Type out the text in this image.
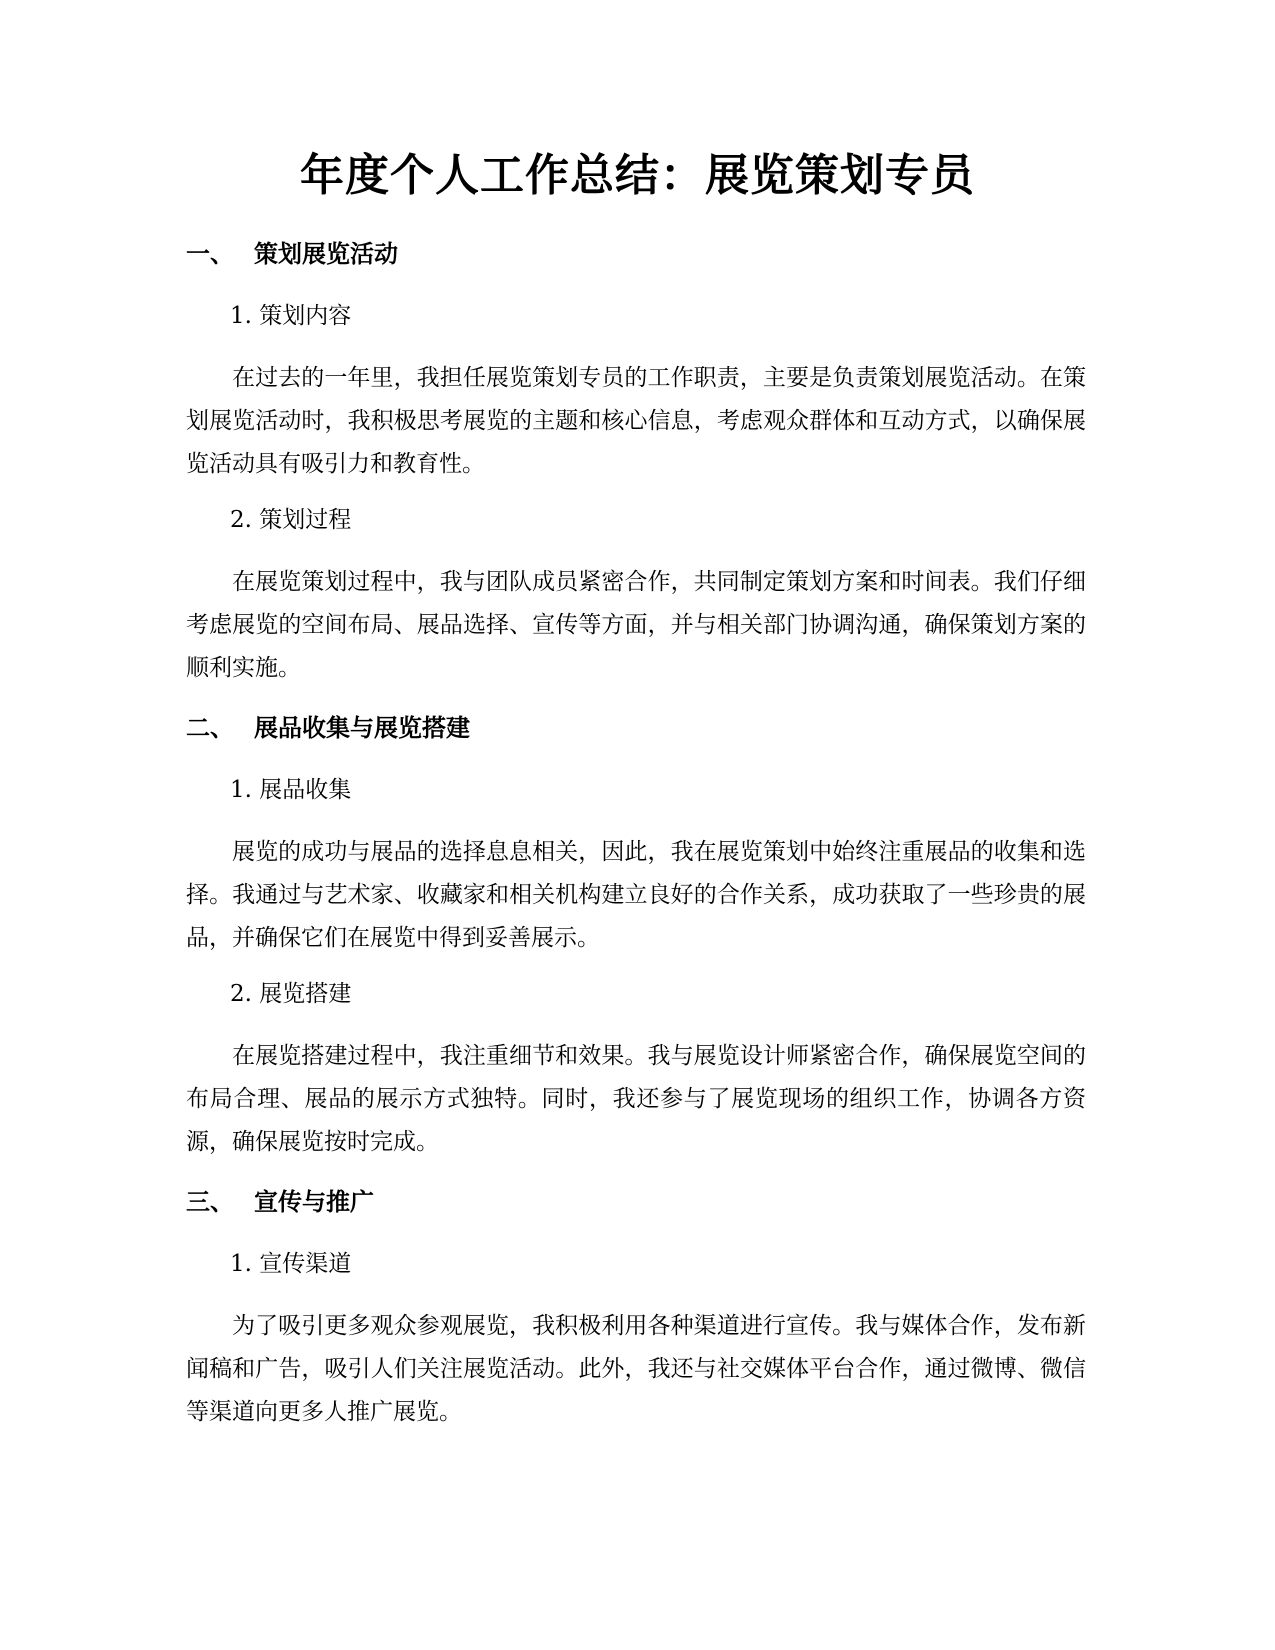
年度个人工作总结：展览策划专员
一、 策划展览活动
1. 策划内容

在过去的一年里，我担任展览策划专员的工作职责，主要是负责策划展览活动。在策划展览活动时，我积极思考展览的主题和核心信息，考虑观众群体和互动方式，以确保展览活动具有吸引力和教育性。

2. 策划过程

在展览策划过程中，我与团队成员紧密合作，共同制定策划方案和时间表。我们仔细考虑展览的空间布局、展品选择、宣传等方面，并与相关部门协调沟通，确保策划方案的顺利实施。

二、 展品收集与展览搭建
1. 展品收集

展览的成功与展品的选择息息相关，因此，我在展览策划中始终注重展品的收集和选择。我通过与艺术家、收藏家和相关机构建立良好的合作关系，成功获取了一些珍贵的展品，并确保它们在展览中得到妥善展示。

2. 展览搭建

在展览搭建过程中，我注重细节和效果。我与展览设计师紧密合作，确保展览空间的布局合理、展品的展示方式独特。同时，我还参与了展览现场的组织工作，协调各方资源，确保展览按时完成。

三、 宣传与推广
1. 宣传渠道

为了吸引更多观众参观展览，我积极利用各种渠道进行宣传。我与媒体合作，发布新闻稿和广告，吸引人们关注展览活动。此外，我还与社交媒体平台合作，通过微博、微信等渠道向更多人推广展览。
